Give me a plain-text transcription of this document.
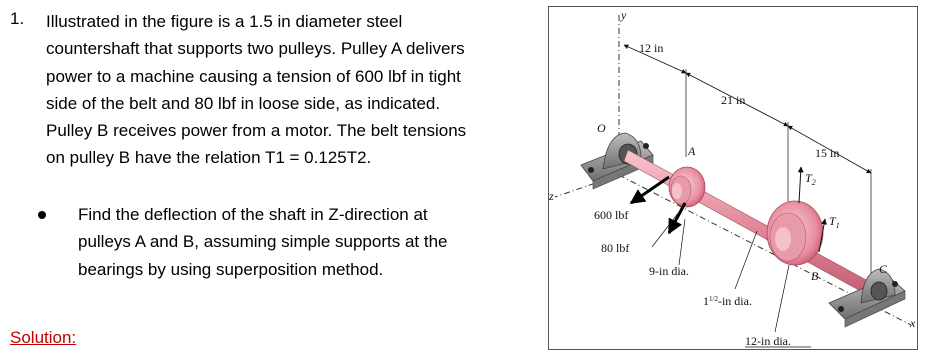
1. Illustrated in the figure is a 1.5 in diameter steel
countershaft that supports two pulleys. Pulley A delivers
power to a machine causing a tension of 600 lbf in tight
side of the belt and 80 lbf in loose side, as indicated.
Pulley B receives power from a motor. The belt tensions
on pulley B have the relation T1 = 0.125T2.
Find the deflection of the shaft in Z-direction at
pulleys A and B, assuming simple supports at the
bearings by using superposition method.
Solution:
y
x
z
O
12 in
21 in
15 in
A
600 lbf
80 lbf
9-in dia.	B
$T_2$
$T_1$
$1^{1/2}-in$ dia.
12-in dia.
C
